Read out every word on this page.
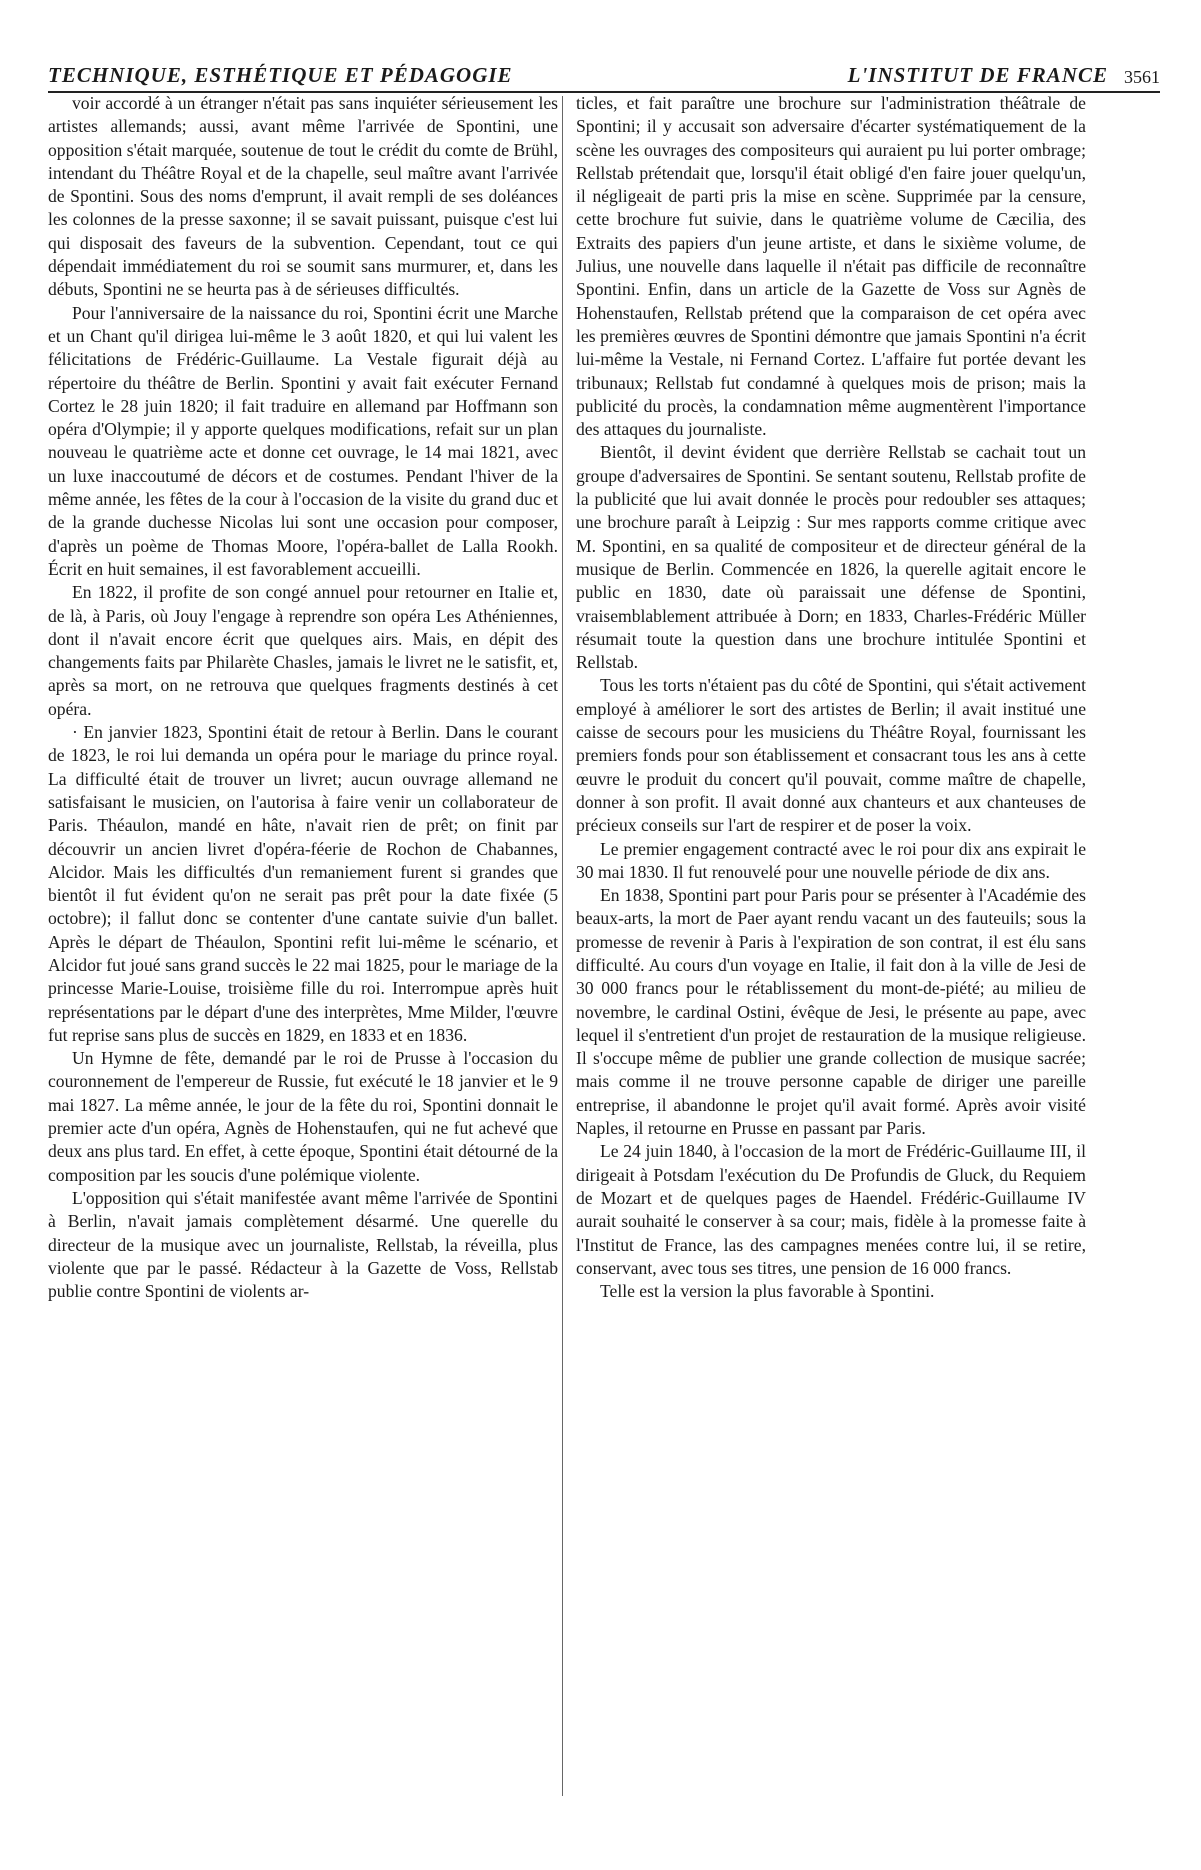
TECHNIQUE, ESTHÉTIQUE ET PÉDAGOGIE	L'INSTITUT DE FRANCE 3561

voir accordé à un étranger n'était pas sans inquiéter sérieusement les artistes allemands; aussi, avant même l'arrivée de Spontini, une opposition s'était marquée, soutenue de tout le crédit du comte de Brühl, intendant du Théâtre Royal et de la chapelle, seul maître avant l'arrivée de Spontini. Sous des noms d'emprunt, il avait rempli de ses doléances les colonnes de la presse saxonne; il se savait puissant, puisque c'est lui qui disposait des faveurs de la subvention. Cependant, tout ce qui dépendait immédiatement du roi se soumit sans murmurer, et, dans les débuts, Spontini ne se heurta pas à de sérieuses difficultés.

Pour l'anniversaire de la naissance du roi, Spontini écrit une Marche et un Chant qu'il dirigea lui-même le 3 août 1820, et qui lui valent les félicitations de Frédéric-Guillaume. La Vestale figurait déjà au répertoire du théâtre de Berlin. Spontini y avait fait exécuter Fernand Cortez le 28 juin 1820; il fait traduire en allemand par Hoffmann son opéra d'Olympie; il y apporte quelques modifications, refait sur un plan nouveau le quatrième acte et donne cet ouvrage, le 14 mai 1821, avec un luxe inaccoutumé de décors et de costumes. Pendant l'hiver de la même année, les fêtes de la cour à l'occasion de la visite du grand duc et de la grande duchesse Nicolas lui sont une occasion pour composer, d'après un poème de Thomas Moore, l'opéra-ballet de Lalla Rookh. Écrit en huit semaines, il est favorablement accueilli.

En 1822, il profite de son congé annuel pour retourner en Italie et, de là, à Paris, où Jouy l'engage à reprendre son opéra Les Athéniennes, dont il n'avait encore écrit que quelques airs. Mais, en dépit des changements faits par Philarète Chasles, jamais le livret ne le satisfit, et, après sa mort, on ne retrouva que quelques fragments destinés à cet opéra.

· En janvier 1823, Spontini était de retour à Berlin. Dans le courant de 1823, le roi lui demanda un opéra pour le mariage du prince royal. La difficulté était de trouver un livret; aucun ouvrage allemand ne satisfaisant le musicien, on l'autorisa à faire venir un collaborateur de Paris. Théaulon, mandé en hâte, n'avait rien de prêt; on finit par découvrir un ancien livret d'opéra-féerie de Rochon de Chabannes, Alcidor. Mais les difficultés d'un remaniement furent si grandes que bientôt il fut évident qu'on ne serait pas prêt pour la date fixée (5 octobre); il fallut donc se contenter d'une cantate suivie d'un ballet. Après le départ de Théaulon, Spontini refit lui-même le scénario, et Alcidor fut joué sans grand succès le 22 mai 1825, pour le mariage de la princesse Marie-Louise, troisième fille du roi. Interrompue après huit représentations par le départ d'une des interprètes, Mme Milder, l'œuvre fut reprise sans plus de succès en 1829, en 1833 et en 1836.

Un Hymne de fête, demandé par le roi de Prusse à l'occasion du couronnement de l'empereur de Russie, fut exécuté le 18 janvier et le 9 mai 1827. La même année, le jour de la fête du roi, Spontini donnait le premier acte d'un opéra, Agnès de Hohenstaufen, qui ne fut achevé que deux ans plus tard. En effet, à cette époque, Spontini était détourné de la composition par les soucis d'une polémique violente.

L'opposition qui s'était manifestée avant même l'arrivée de Spontini à Berlin, n'avait jamais complètement désarmé. Une querelle du directeur de la musique avec un journaliste, Rellstab, la réveilla, plus violente que par le passé. Rédacteur à la Gazette de Voss, Rellstab publie contre Spontini de violents ar-

ticles, et fait paraître une brochure sur l'administration théâtrale de Spontini; il y accusait son adversaire d'écarter systématiquement de la scène les ouvrages des compositeurs qui auraient pu lui porter ombrage; Rellstab prétendait que, lorsqu'il était obligé d'en faire jouer quelqu'un, il négligeait de parti pris la mise en scène. Supprimée par la censure, cette brochure fut suivie, dans le quatrième volume de Cæcilia, des Extraits des papiers d'un jeune artiste, et dans le sixième volume, de Julius, une nouvelle dans laquelle il n'était pas difficile de reconnaître Spontini. Enfin, dans un article de la Gazette de Voss sur Agnès de Hohenstaufen, Rellstab prétend que la comparaison de cet opéra avec les premières œuvres de Spontini démontre que jamais Spontini n'a écrit lui-même la Vestale, ni Fernand Cortez. L'affaire fut portée devant les tribunaux; Rellstab fut condamné à quelques mois de prison; mais la publicité du procès, la condamnation même augmentèrent l'importance des attaques du journaliste.

Bientôt, il devint évident que derrière Rellstab se cachait tout un groupe d'adversaires de Spontini. Se sentant soutenu, Rellstab profite de la publicité que lui avait donnée le procès pour redoubler ses attaques; une brochure paraît à Leipzig : Sur mes rapports comme critique avec M. Spontini, en sa qualité de compositeur et de directeur général de la musique de Berlin. Commencée en 1826, la querelle agitait encore le public en 1830, date où paraissait une défense de Spontini, vraisemblablement attribuée à Dorn; en 1833, Charles-Frédéric Müller résumait toute la question dans une brochure intitulée Spontini et Rellstab.

Tous les torts n'étaient pas du côté de Spontini, qui s'était activement employé à améliorer le sort des artistes de Berlin; il avait institué une caisse de secours pour les musiciens du Théâtre Royal, fournissant les premiers fonds pour son établissement et consacrant tous les ans à cette œuvre le produit du concert qu'il pouvait, comme maître de chapelle, donner à son profit. Il avait donné aux chanteurs et aux chanteuses de précieux conseils sur l'art de respirer et de poser la voix.

Le premier engagement contracté avec le roi pour dix ans expirait le 30 mai 1830. Il fut renouvelé pour une nouvelle période de dix ans.

En 1838, Spontini part pour Paris pour se présenter à l'Académie des beaux-arts, la mort de Paer ayant rendu vacant un des fauteuils; sous la promesse de revenir à Paris à l'expiration de son contrat, il est élu sans difficulté. Au cours d'un voyage en Italie, il fait don à la ville de Jesi de 30 000 francs pour le rétablissement du mont-de-piété; au milieu de novembre, le cardinal Ostini, évêque de Jesi, le présente au pape, avec lequel il s'entretient d'un projet de restauration de la musique religieuse. Il s'occupe même de publier une grande collection de musique sacrée; mais comme il ne trouve personne capable de diriger une pareille entreprise, il abandonne le projet qu'il avait formé. Après avoir visité Naples, il retourne en Prusse en passant par Paris.

Le 24 juin 1840, à l'occasion de la mort de Frédéric-Guillaume III, il dirigeait à Potsdam l'exécution du De Profundis de Gluck, du Requiem de Mozart et de quelques pages de Haendel. Frédéric-Guillaume IV aurait souhaité le conserver à sa cour; mais, fidèle à la promesse faite à l'Institut de France, las des campagnes menées contre lui, il se retire, conservant, avec tous ses titres, une pension de 16 000 francs.

Telle est la version la plus favorable à Spontini.
